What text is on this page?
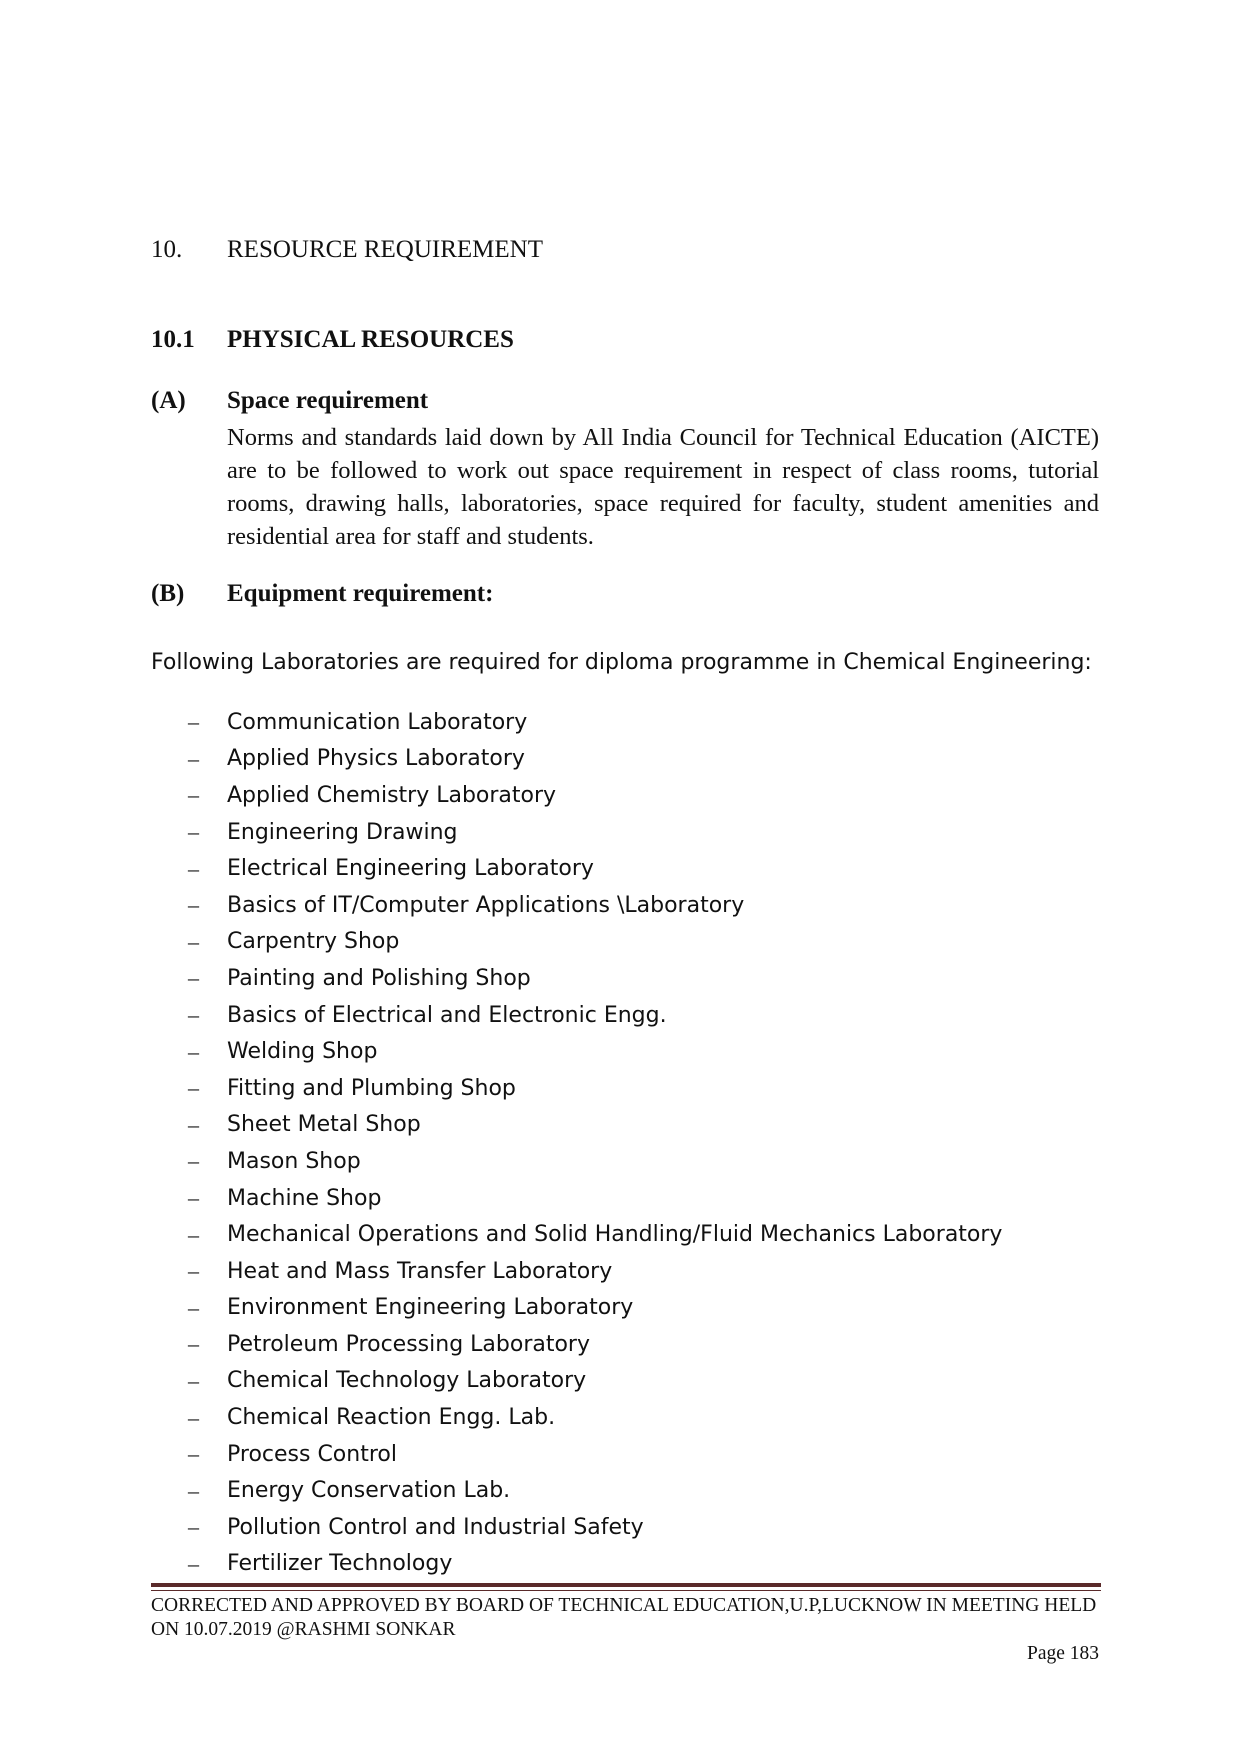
10. RESOURCE REQUIREMENT
10.1 PHYSICAL RESOURCES
(A) Space requirement
Norms and standards laid down by All India Council for Technical Education (AICTE) are to be followed to work out space requirement in respect of class rooms, tutorial rooms, drawing halls, laboratories, space required for faculty, student amenities and residential area for staff and students.
(B) Equipment requirement:
Following Laboratories are required for diploma programme in Chemical Engineering:
–	Communication Laboratory
–	Applied Physics Laboratory
–	Applied Chemistry Laboratory
–	Engineering Drawing
–	Electrical Engineering Laboratory
–	Basics of IT/Computer Applications \Laboratory
–	Carpentry Shop
–	Painting and Polishing Shop
–	Basics of Electrical and Electronic Engg.
–	Welding Shop
–	Fitting and Plumbing Shop
–	Sheet Metal Shop
–	Mason Shop
–	Machine Shop
–	Mechanical Operations and Solid Handling/Fluid Mechanics Laboratory
–	Heat and Mass Transfer Laboratory
–	Environment Engineering Laboratory
–	Petroleum Processing Laboratory
–	Chemical Technology Laboratory
–	Chemical Reaction Engg. Lab.
–	Process Control
–	Energy Conservation Lab.
–	Pollution Control and Industrial Safety
–	Fertilizer Technology
CORRECTED AND APPROVED BY BOARD OF TECHNICAL EDUCATION,U.P,LUCKNOW IN MEETING HELD
ON 10.07.2019 @RASHMI SONKAR
Page 183
